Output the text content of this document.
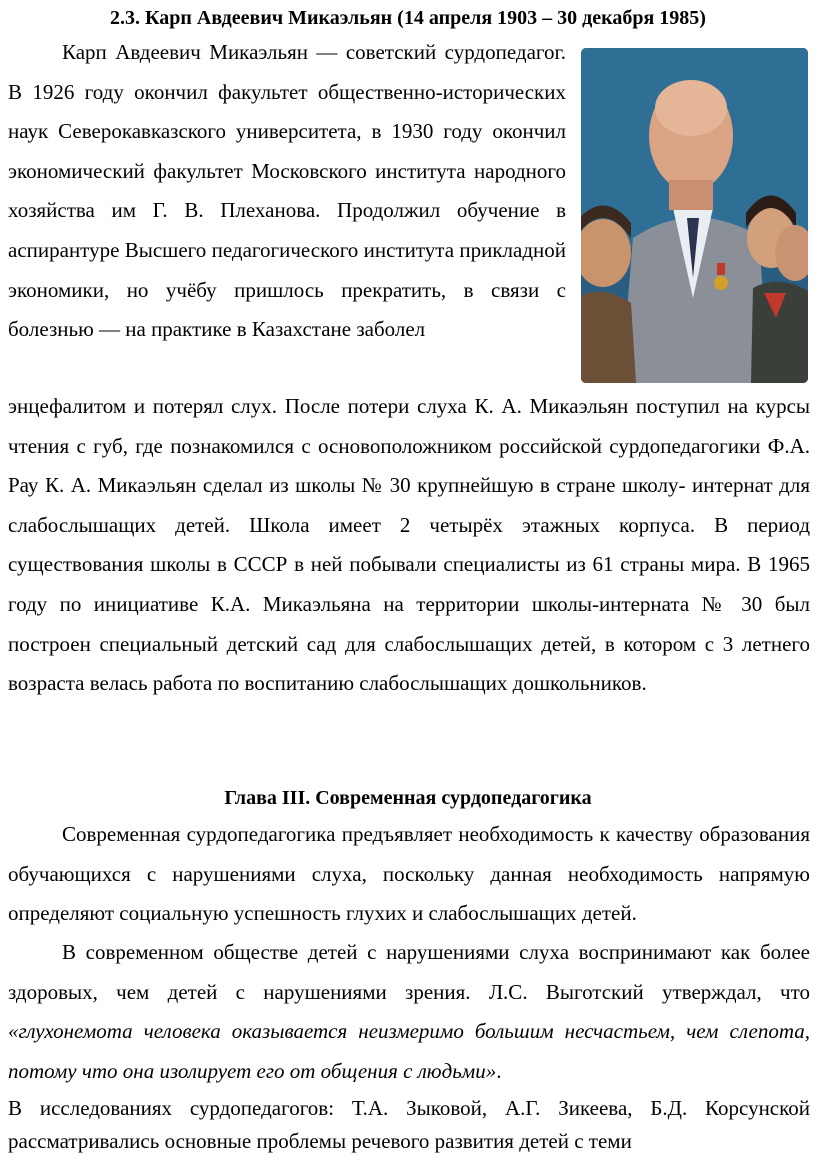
2.3. Карп Авдеевич Микаэльян (14 апреля 1903 – 30 декабря 1985)

Карп Авдеевич Микаэльян — советский сурдопедагог. В 1926 году окончил факультет общественно-исторических наук Северокавказского университета, в 1930 году окончил экономический факультет Московского института народного хозяйства им Г. В. Плеханова. Продолжил обучение в аспирантуре Высшего педагогического института прикладной экономики, но учёбу пришлось прекратить, в связи с болезнью — на практике в Казахстане заболел

энцефалитом и потерял слух. После потери слуха К. А. Микаэльян поступил на курсы чтения с губ, где познакомился с основоположником российской сурдопедагогики Ф.А. Рау К. А. Микаэльян сделал из школы № 30 крупнейшую в стране школу- интернат для слабослышащих детей. Школа имеет 2 четырёх этажных корпуса. В период существования школы в СССР в ней побывали специалисты из 61 страны мира. В 1965 году по инициативе К.А. Микаэльяна на территории школы-интерната № 30 был построен специальный детский сад для слабослышащих детей, в котором с 3 летнего возраста велась работа по воспитанию слабослышащих дошкольников.

Глава III. Современная сурдопедагогика

Современная сурдопедагогика предъявляет необходимость к качеству образования обучающихся с нарушениями слуха, поскольку данная необходимость напрямую определяют социальную успешность глухих и слабослышащих детей.

В современном обществе детей с нарушениями слуха воспринимают как более здоровых, чем детей с нарушениями зрения. Л.С. Выготский утверждал, что «глухонемота человека оказывается неизмеримо большим несчастьем, чем слепота, потому что она изолирует его от общения с людьми».

В исследованиях сурдопедагогов: Т.А. Зыковой, А.Г. Зикеева, Б.Д. Корсунской рассматривались основные проблемы речевого развития детей с теми
